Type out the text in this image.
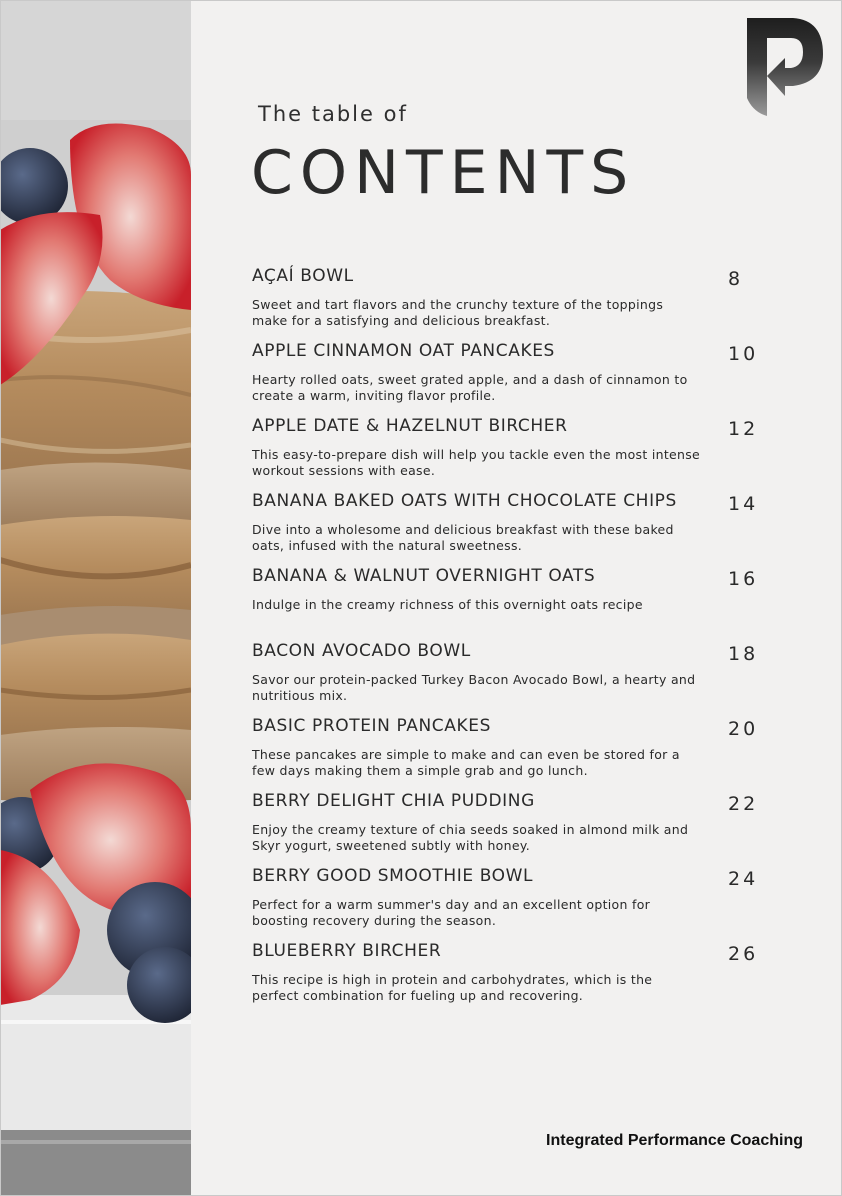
The table of
CONTENTS
AÇAÍ BOWL	8
Sweet and tart flavors and the crunchy texture of the toppings make for a satisfying and delicious breakfast.
APPLE CINNAMON OAT PANCAKES	10
Hearty rolled oats, sweet grated apple, and a dash of cinnamon to create a warm, inviting flavor profile.
APPLE DATE & HAZELNUT BIRCHER	12
This easy-to-prepare dish will help you tackle even the most intense workout sessions with ease.
BANANA BAKED OATS WITH CHOCOLATE CHIPS	14
Dive into a wholesome and delicious breakfast with these baked oats, infused with the natural sweetness.
BANANA & WALNUT OVERNIGHT OATS	16
Indulge in the creamy richness of this overnight oats recipe
BACON AVOCADO BOWL	18
Savor our protein-packed Turkey Bacon Avocado Bowl, a hearty and nutritious mix.
BASIC PROTEIN PANCAKES	20
These pancakes are simple to make and can even be stored for a few days making them a simple grab and go lunch.
BERRY DELIGHT CHIA PUDDING	22
Enjoy the creamy texture of chia seeds soaked in almond milk and Skyr yogurt, sweetened subtly with honey.
BERRY GOOD SMOOTHIE BOWL	24
Perfect for a warm summer's day and an excellent option for boosting recovery during the season.
BLUEBERRY BIRCHER	26
This recipe is high in protein and carbohydrates, which is the perfect combination for fueling up and recovering.
Integrated Performance Coaching
